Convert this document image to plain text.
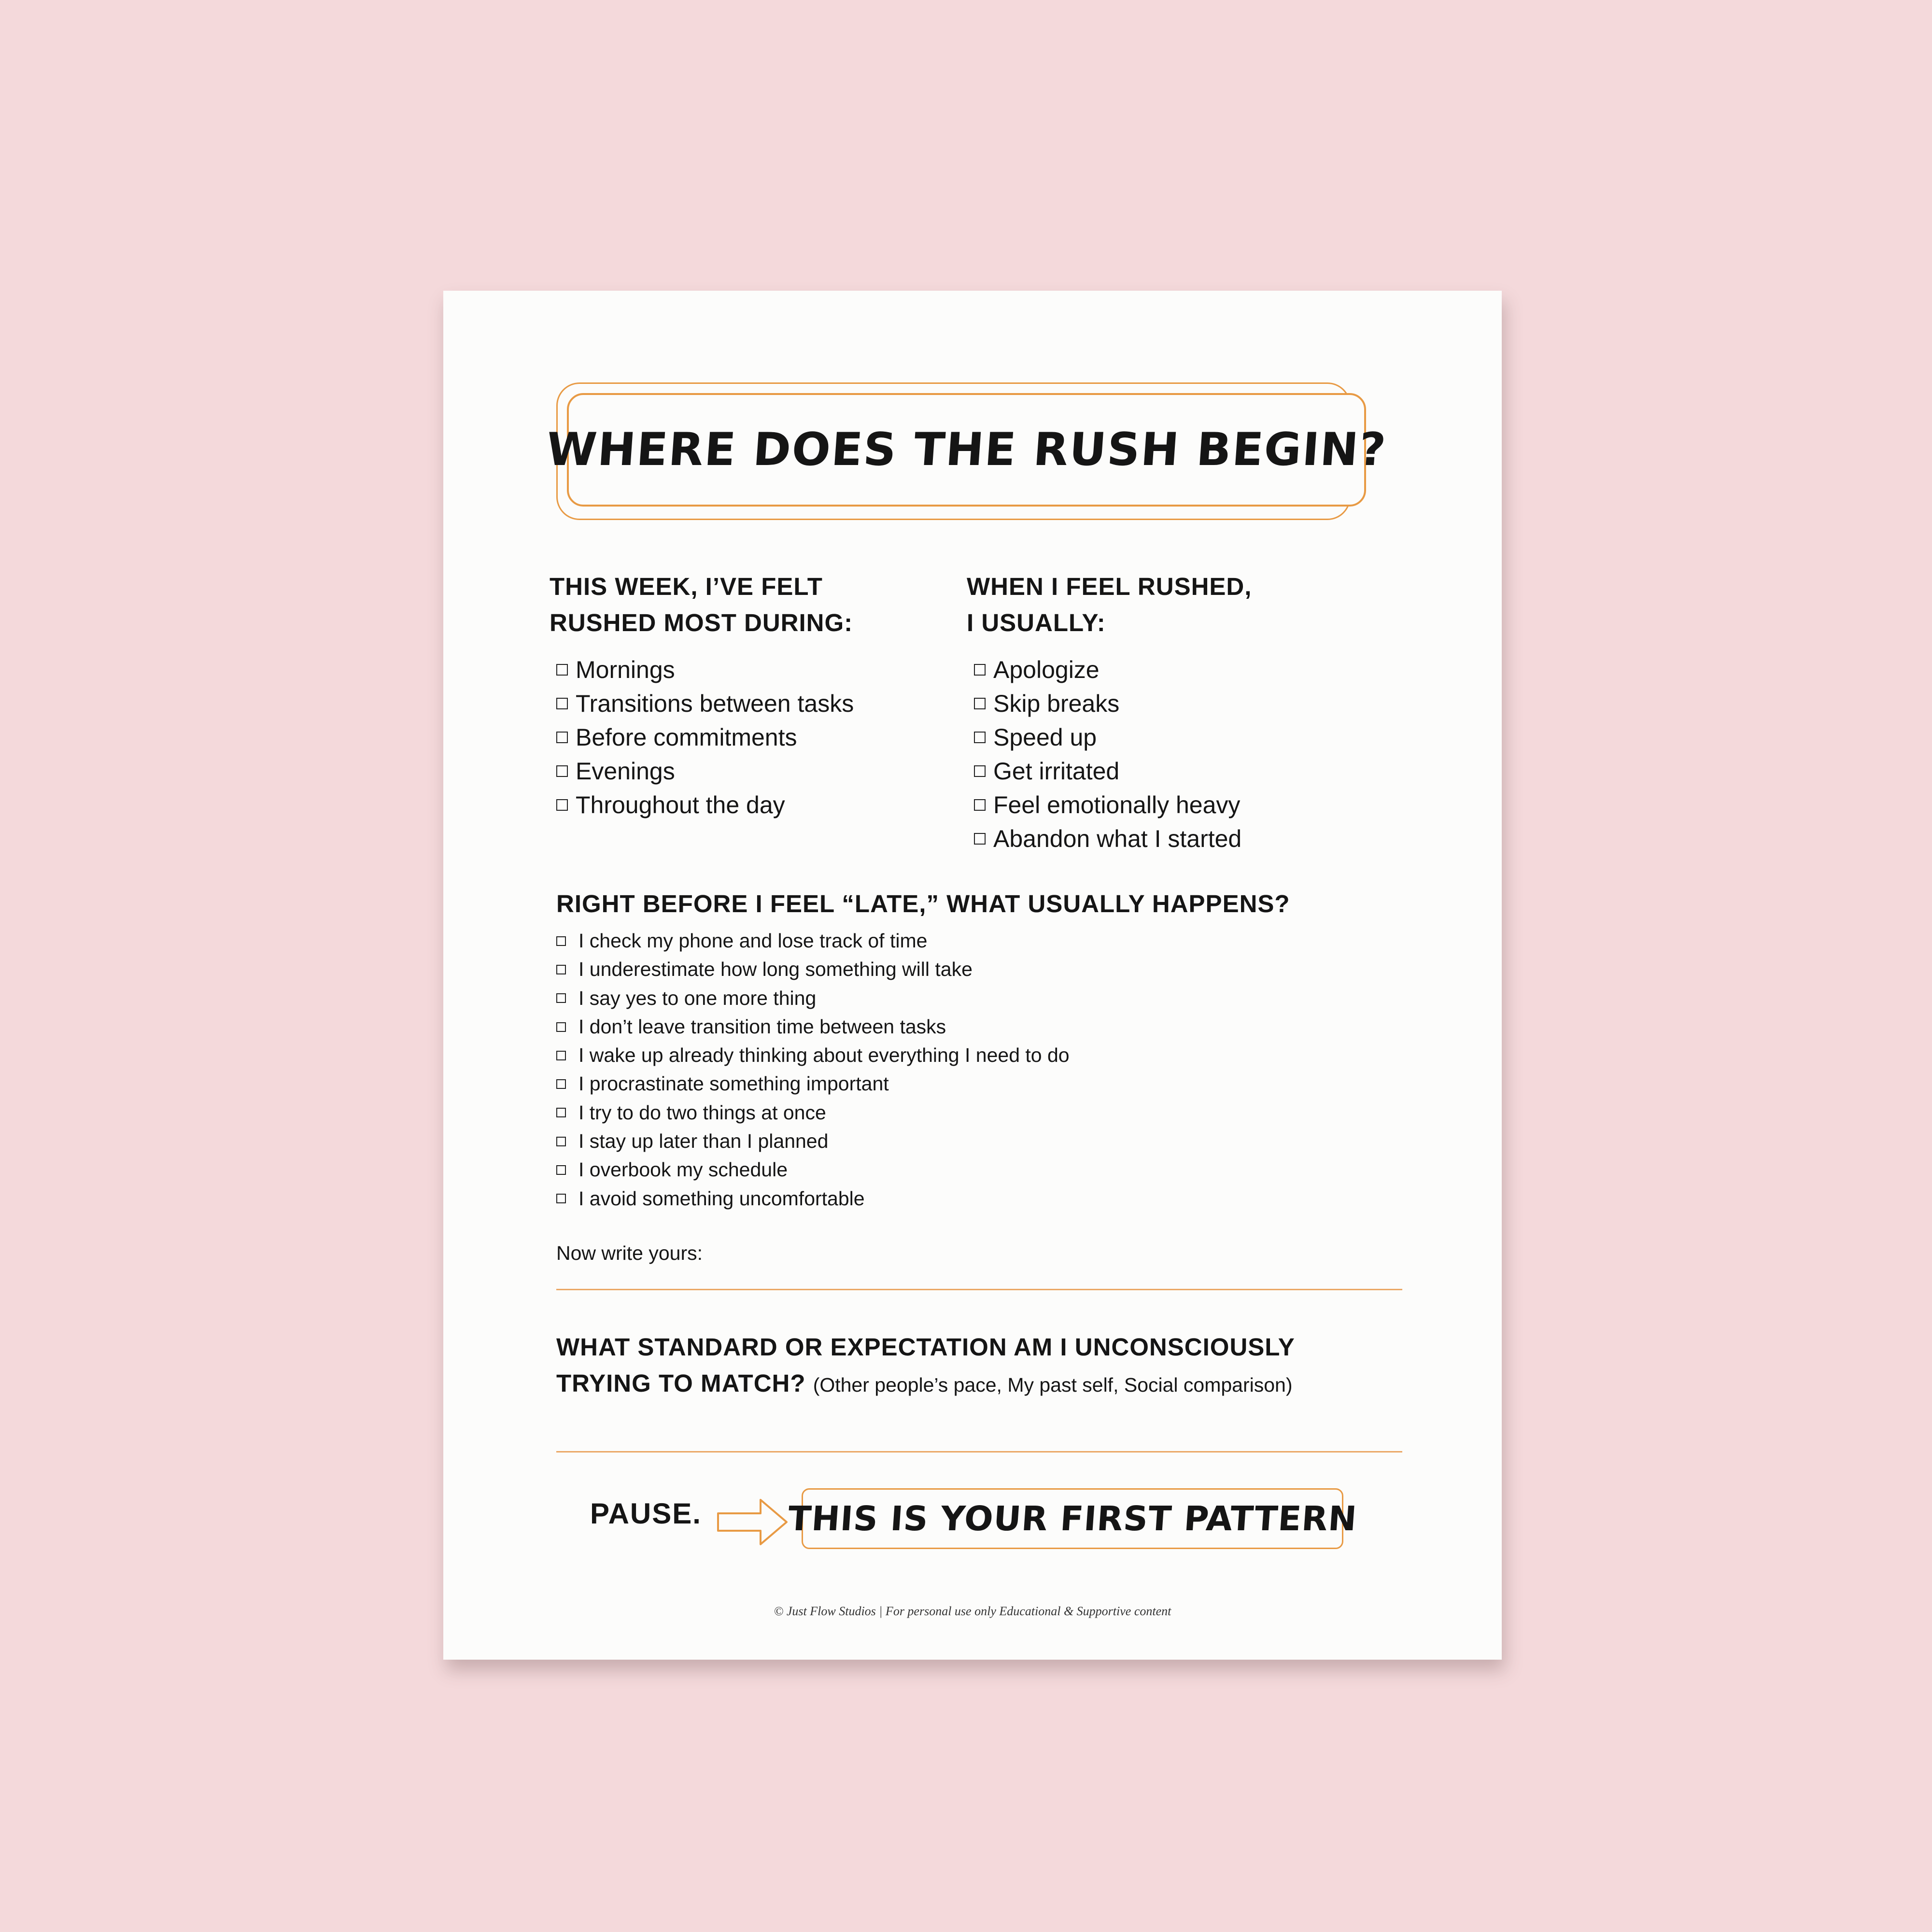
WHERE DOES THE RUSH BEGIN?
THIS WEEK, I’VE FELT
RUSHED MOST DURING:
Mornings
Transitions between tasks
Before commitments
Evenings
Throughout the day
WHEN I FEEL RUSHED,
I USUALLY:
Apologize
Skip breaks
Speed up
Get irritated
Feel emotionally heavy
Abandon what I started
RIGHT BEFORE I FEEL “LATE,” WHAT USUALLY HAPPENS?
I check my phone and lose track of time
I underestimate how long something will take
I say yes to one more thing
I don’t leave transition time between tasks
I wake up already thinking about everything I need to do
I procrastinate something important
I try to do two things at once
I stay up later than I planned
I overbook my schedule
I avoid something uncomfortable
Now write yours:
WHAT STANDARD OR EXPECTATION AM I UNCONSCIOUSLY
TRYING TO MATCH? (Other people’s pace, My past self, Social comparison)
PAUSE.	THIS IS YOUR FIRST PATTERN
© Just Flow Studios | For personal use only Educational & Supportive content
